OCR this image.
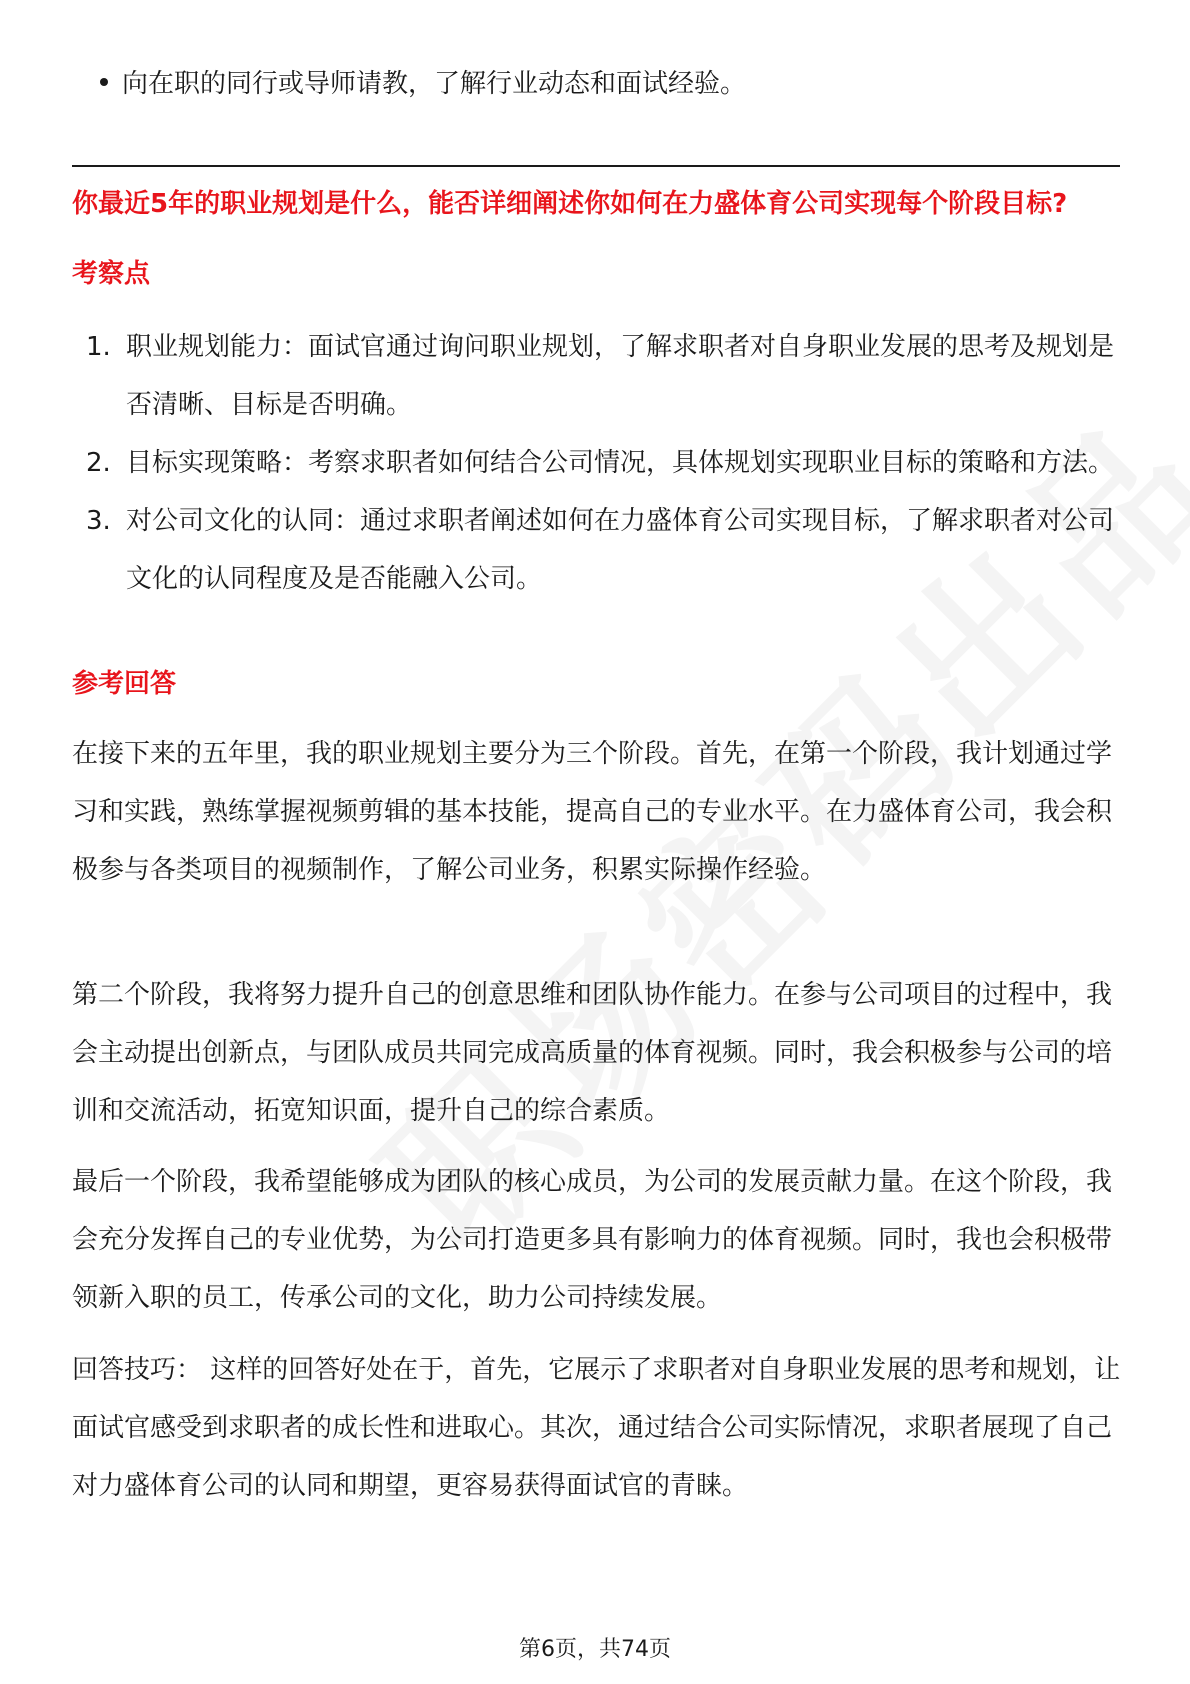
向在职的同行或导师请教，了解行业动态和面试经验。
你最近5年的职业规划是什么，能否详细阐述你如何在力盛体育公司实现每个阶段目标?
考察点
1. 职业规划能力：面试官通过询问职业规划，了解求职者对自身职业发展的思考及规划是否清晰、目标是否明确。
2. 目标实现策略：考察求职者如何结合公司情况，具体规划实现职业目标的策略和方法。
3. 对公司文化的认同：通过求职者阐述如何在力盛体育公司实现目标，了解求职者对公司文化的认同程度及是否能融入公司。
参考回答

在接下来的五年里，我的职业规划主要分为三个阶段。首先，在第一个阶段，我计划通过学习和实践，熟练掌握视频剪辑的基本技能，提高自己的专业水平。在力盛体育公司，我会积极参与各类项目的视频制作，了解公司业务，积累实际操作经验。

第二个阶段，我将努力提升自己的创意思维和团队协作能力。在参与公司项目的过程中，我会主动提出创新点，与团队成员共同完成高质量的体育视频。同时，我会积极参与公司的培训和交流活动，拓宽知识面，提升自己的综合素质。

最后一个阶段，我希望能够成为团队的核心成员，为公司的发展贡献力量。在这个阶段，我会充分发挥自己的专业优势，为公司打造更多具有影响力的体育视频。同时，我也会积极带领新入职的员工，传承公司的文化，助力公司持续发展。

回答技巧： 这样的回答好处在于，首先，它展示了求职者对自身职业发展的思考和规划，让面试官感受到求职者的成长性和进取心。其次，通过结合公司实际情况，求职者展现了自己对力盛体育公司的认同和期望，更容易获得面试官的青睐。

第6页，共74页
